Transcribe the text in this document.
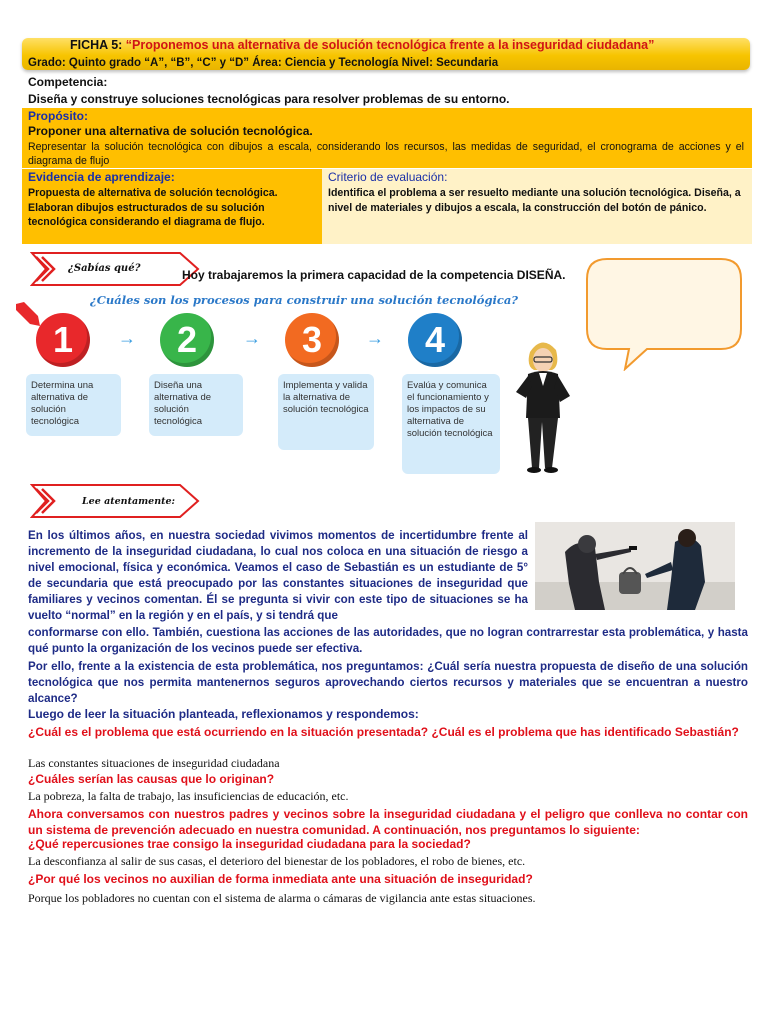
FICHA 5: “Proponemos una alternativa de solución tecnológica frente a la inseguridad ciudadana”
Grado: Quinto grado “A”, “B”, “C” y “D” Área: Ciencia y Tecnología Nivel: Secundaria
Competencia:
Diseña y construye soluciones tecnológicas para resolver problemas de su entorno.
Propósito:
Proponer una alternativa de solución tecnológica.
Representar la solución tecnológica con dibujos a escala, considerando los recursos, las medidas de seguridad, el cronograma de acciones y el diagrama de flujo
Evidencia de aprendizaje:
Propuesta de alternativa de solución tecnológica. Elaboran dibujos estructurados de su solución tecnológica considerando el diagrama de flujo.
Criterio de evaluación:
Identifica el problema a ser resuelto mediante una solución tecnológica. Diseña, a nivel de materiales y dibujos a escala, la construcción del botón de pánico.
¿Sabías qué?	Hoy trabajaremos la primera capacidad de la competencia DISEÑA.
¿Cuáles son los procesos para construir una solución tecnológica?
1	2	3	4
→	→	→
Determina una alternativa de solución tecnológica
Diseña una alternativa de solución tecnológica
Implementa y valida la alternativa de solución tecnológica
Evalúa y comunica el funcionamiento y los impactos de su alternativa de solución tecnológica
Lee atentamente:
En los últimos años, en nuestra sociedad vivimos momentos de incertidumbre frente al incremento de la inseguridad ciudadana, lo cual nos coloca en una situación de riesgo a nivel emocional, física y económica. Veamos el caso de Sebastián es un estudiante de 5° de secundaria que está preocupado por las constantes situaciones de inseguridad que familiares y vecinos comentan. Él se pregunta si vivir con este tipo de situaciones se ha vuelto “normal” en la región y en el país, y si tendrá que
conformarse con ello. También, cuestiona las acciones de las autoridades, que no logran contrarrestar esta problemática, y hasta qué punto la organización de los vecinos puede ser efectiva.
Por ello, frente a la existencia de esta problemática, nos preguntamos: ¿Cuál sería nuestra propuesta de diseño de una solución tecnológica que nos permita mantenernos seguros aprovechando ciertos recursos y materiales que se encuentran a nuestro alcance?
Luego de leer la situación planteada, reflexionamos y respondemos:
¿Cuál es el problema que está ocurriendo en la situación presentada? ¿Cuál es el problema que has identificado Sebastián?
Las constantes situaciones de inseguridad ciudadana
¿Cuáles serían las causas que lo originan?
La pobreza, la falta de trabajo, las insuficiencias de educación, etc.
Ahora conversamos con nuestros padres y vecinos sobre la inseguridad ciudadana y el peligro que conlleva no contar con un sistema de prevención adecuado en nuestra comunidad. A continuación, nos preguntamos lo siguiente:
¿Qué repercusiones trae consigo la inseguridad ciudadana para la sociedad?
La desconfianza al salir de sus casas, el deterioro del bienestar de los pobladores, el robo de bienes, etc.
¿Por qué los vecinos no auxilian de forma inmediata ante una situación de inseguridad?
Porque los pobladores no cuentan con el sistema de alarma o cámaras de vigilancia ante estas situaciones.
